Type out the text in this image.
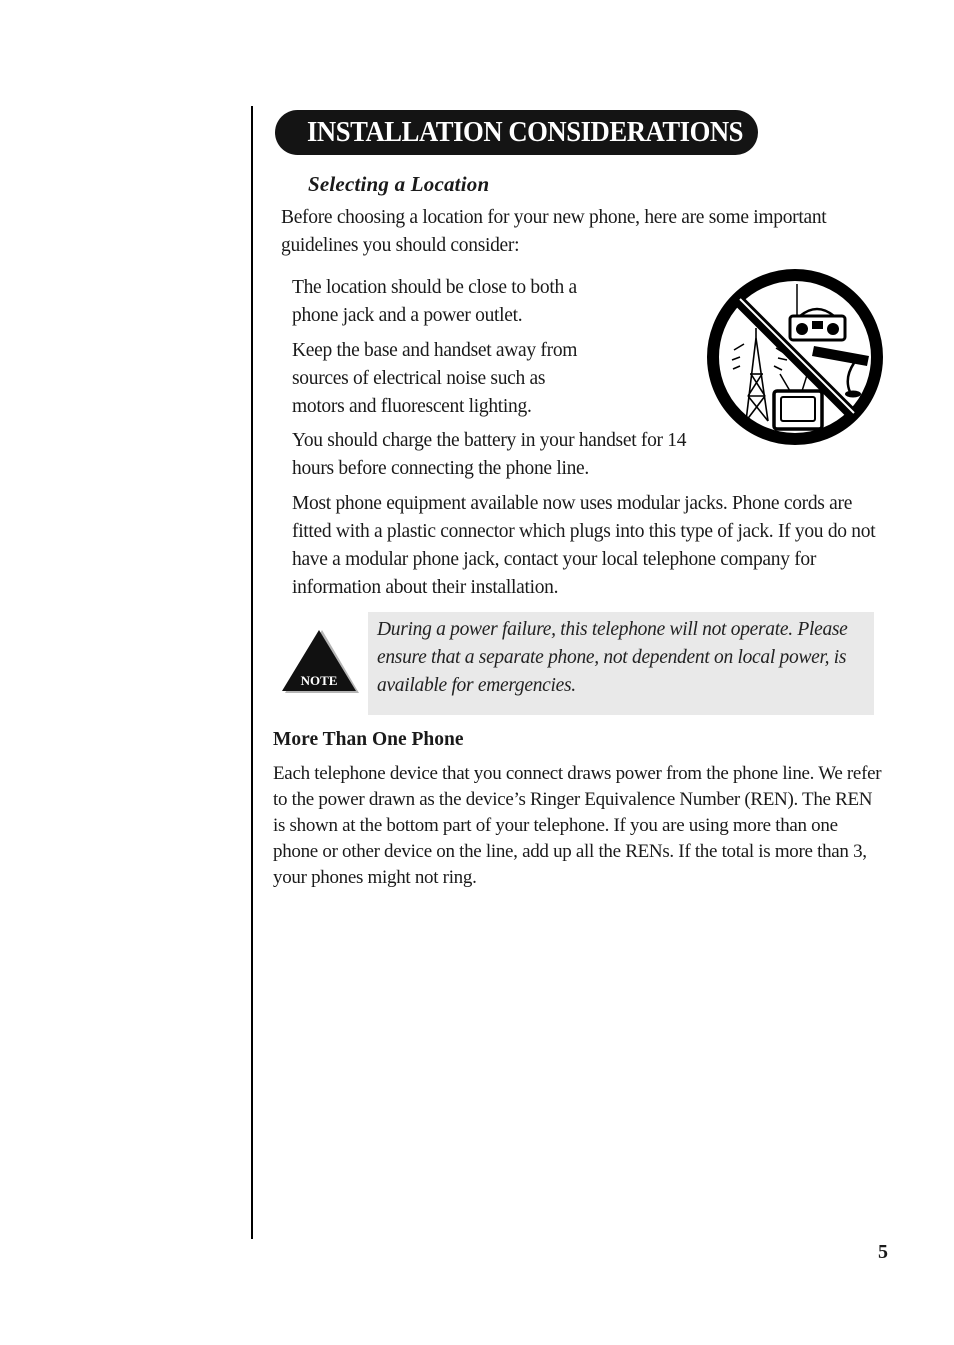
INSTALLATION CONSIDERATIONS
Selecting a Location
Before choosing a location for your new phone, here are some important guidelines you should consider:
The location should be close to both a phone jack and a power outlet.
Keep the base and handset away from sources of electrical noise such as motors and fluorescent lighting.
You should charge the battery in your handset for 14 hours before connecting the phone line.
Most phone equipment available now uses modular jacks. Phone cords are fitted with a plastic connector which plugs into this type of jack. If you do not have a modular phone jack, contact your local telephone company for information about their installation.

During a power failure, this telephone will not operate. Please ensure that a separate phone, not dependent on local power, is available for emergencies.

NOTE
More Than One Phone
Each telephone device that you connect draws power from the phone line. We refer to the power drawn as the device’s Ringer Equivalence Number (REN). The REN is shown at the bottom part of your telephone. If you are using more than one phone or other device on the line, add up all the RENs. If the total is more than 3, your phones might not ring.
5
